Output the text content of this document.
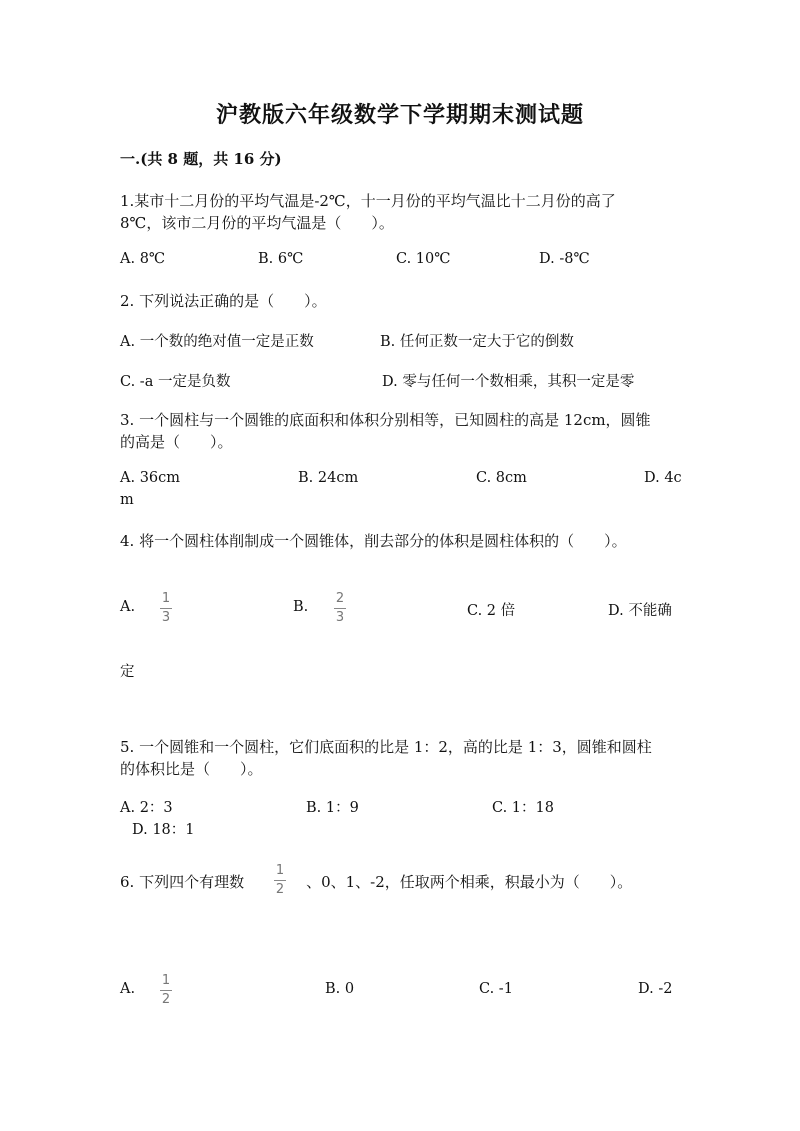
沪教版六年级数学下学期期末测试题
一.(共 8 题，共 16 分)
1.某市十二月份的平均气温是-2℃，十一月份的平均气温比十二月份的高了
8℃，该市二月份的平均气温是（　　）。
A. 8℃	B. 6℃	C. 10℃	D. -8℃
2. 下列说法正确的是（　　）。
A. 一个数的绝对值一定是正数	B. 任何正数一定大于它的倒数
C. -a 一定是负数	D. 零与任何一个数相乘，其积一定是零
3. 一个圆柱与一个圆锥的底面积和体积分别相等，已知圆柱的高是 12cm，圆锥
的高是（　　）。
A. 36cm	B. 24cm	C. 8cm	D. 4c
m
4. 将一个圆柱体削制成一个圆锥体，削去部分的体积是圆柱体积的（　　）。
A.
1
3
B.
2
3	C. 2 倍	D. 不能确
定
5. 一个圆锥和一个圆柱，它们底面积的比是 1：2，高的比是 1：3，圆锥和圆柱
的体积比是（　　）。
A. 2：3	B. 1：9	C. 1：18
D. 18：1
6. 下列四个有理数	、0、1、-2，任取两个相乘，积最小为（　　）。
1
2
A.
1
2
B. 0	C. -1	D. -2
